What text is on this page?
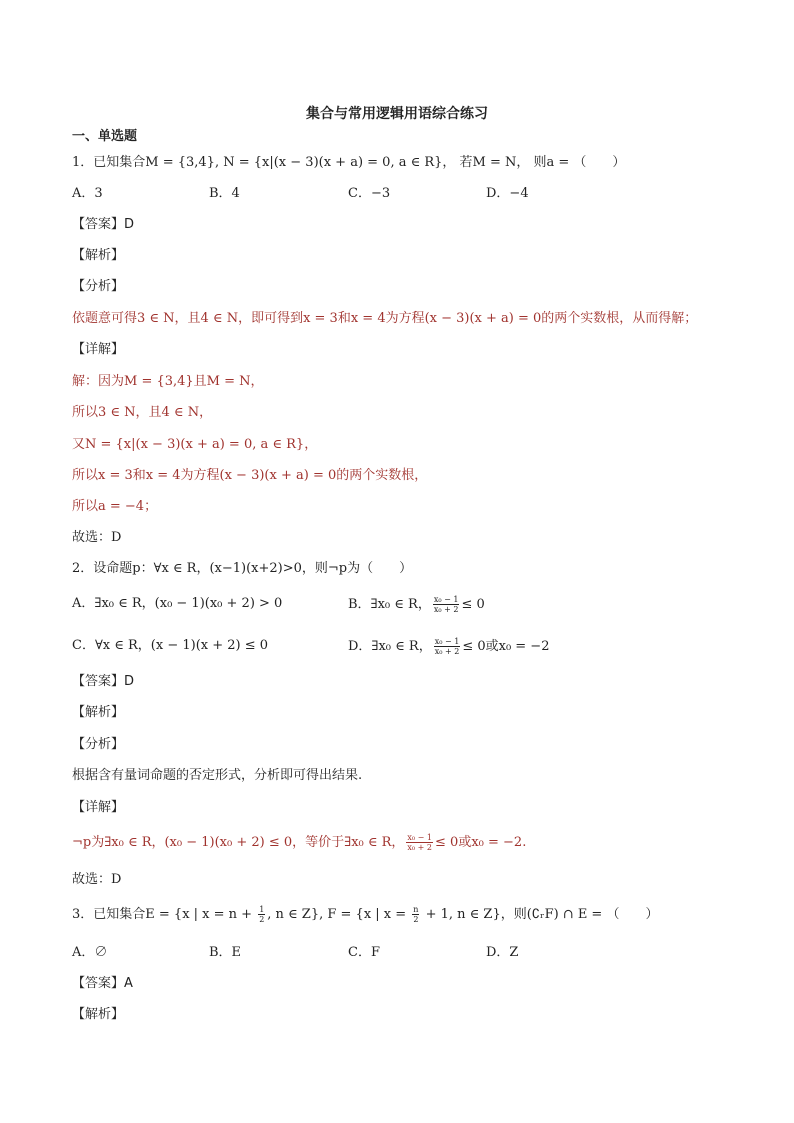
集合与常用逻辑用语综合练习
一、单选题
1．已知集合M = {3,4}, N = {x|(x − 3)(x + a) = 0, a ∈ R}， 若M = N， 则a = （　　）
A．3	B．4	C．−3	D．−4
【答案】D
【解析】
【分析】
依题意可得3 ∈ N，且4 ∈ N，即可得到x = 3和x = 4为方程(x − 3)(x + a) = 0的两个实数根，从而得解；
【详解】
解：因为M = {3,4}且M = N，
所以3 ∈ N，且4 ∈ N，
又N = {x|(x − 3)(x + a) = 0, a ∈ R}，
所以x = 3和x = 4为方程(x − 3)(x + a) = 0的两个实数根，
所以a = −4；
故选：D
2．设命题p：∀x ∈ R，(x−1)(x+2)>0，则¬p为（　　）
A．∃x₀ ∈ R，(x₀ − 1)(x₀ + 2) > 0	B．∃x₀ ∈ R， $\frac{\text{x₀ − 1}}{\text{x₀ + 2}} \le 0$
C．∀x ∈ R，(x − 1)(x + 2) ≤ 0	D．∃x₀ ∈ R， $\frac{\text{x₀ − 1}}{\text{x₀ + 2}} \le 0$或x₀ = −2
【答案】D
【解析】
【分析】
根据含有量词命题的否定形式，分析即可得出结果.
【详解】
¬p为∃x₀ ∈ R，(x₀ − 1)(x₀ + 2) ≤ 0，等价于∃x₀ ∈ R， $\frac{\text{x₀ − 1}}{\text{x₀ + 2}} \le 0$或x₀ = −2.
故选：D
3．已知集合E = {x | $x = n + \frac{1}{2}$ , n ∈ Z}, F = {x | $x = \frac{n}{2} + 1$, n ∈ Z}，则(∁ᵣF) ∩ E = （　　）
A．∅	B．E	C．F	D．Z
【答案】A
【解析】
